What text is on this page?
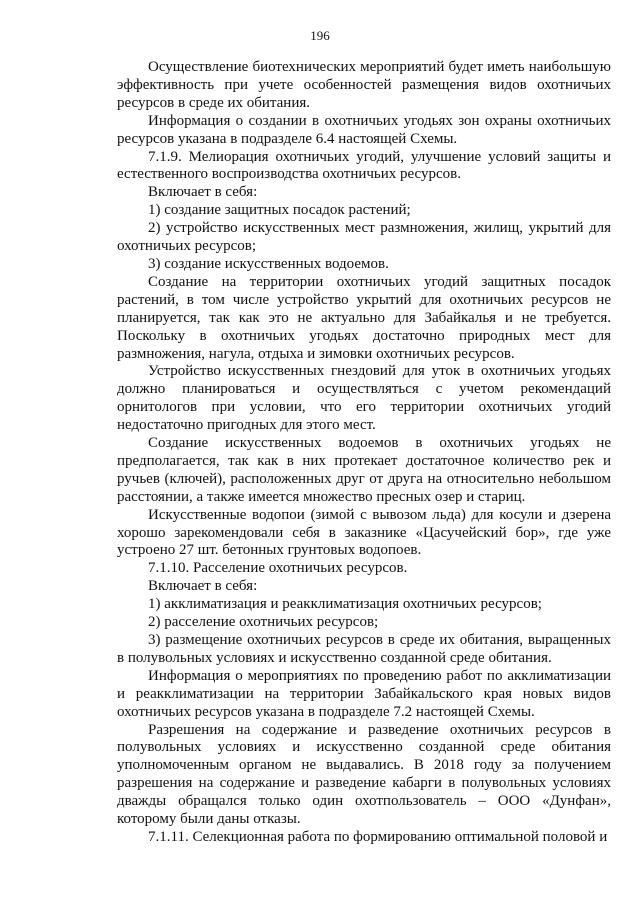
196

Осуществление биотехнических мероприятий будет иметь наибольшую эффективность при учете особенностей размещения видов охотничьих ресурсов в среде их обитания.

Информация о создании в охотничьих угодьях зон охраны охотничьих ресурсов указана в подразделе 6.4 настоящей Схемы.

7.1.9. Мелиорация охотничьих угодий, улучшение условий защиты и естественного воспроизводства охотничьих ресурсов.

Включает в себя:

1) создание защитных посадок растений;

2) устройство искусственных мест размножения, жилищ, укрытий для охотничьих ресурсов;

3) создание искусственных водоемов.

Создание на территории охотничьих угодий защитных посадок растений, в том числе устройство укрытий для охотничьих ресурсов не планируется, так как это не актуально для Забайкалья и не требуется. Поскольку в охотничьих угодьях достаточно природных мест для размножения, нагула, отдыха и зимовки охотничьих ресурсов.

Устройство искусственных гнездовий для уток в охотничьих угодьях должно планироваться и осуществляться с учетом рекомендаций орнитологов при условии, что его территории охотничьих угодий недостаточно пригодных для этого мест.

Создание искусственных водоемов в охотничьих угодьях не предполагается, так как в них протекает достаточное количество рек и ручьев (ключей), расположенных друг от друга на относительно небольшом расстоянии, а также имеется множество пресных озер и стариц.

Искусственные водопои (зимой с вывозом льда) для косули и дзерена хорошо зарекомендовали себя в заказнике «Цасучейский бор», где уже устроено 27 шт. бетонных грунтовых водопоев.

7.1.10. Расселение охотничьих ресурсов.

Включает в себя:

1) акклиматизация и реакклиматизация охотничьих ресурсов;

2) расселение охотничьих ресурсов;

3) размещение охотничьих ресурсов в среде их обитания, выращенных в полувольных условиях и искусственно созданной среде обитания.

Информация о мероприятиях по проведению работ по акклиматизации и реакклиматизации на территории Забайкальского края новых видов охотничьих ресурсов указана в подразделе 7.2 настоящей Схемы.

Разрешения на содержание и разведение охотничьих ресурсов в полувольных условиях и искусственно созданной среде обитания уполномоченным органом не выдавались. В 2018 году за получением разрешения на содержание и разведение кабарги в полувольных условиях дважды обращался только один охотпользователь – ООО «Дунфан», которому были даны отказы.

7.1.11. Селекционная работа по формированию оптимальной половой и
